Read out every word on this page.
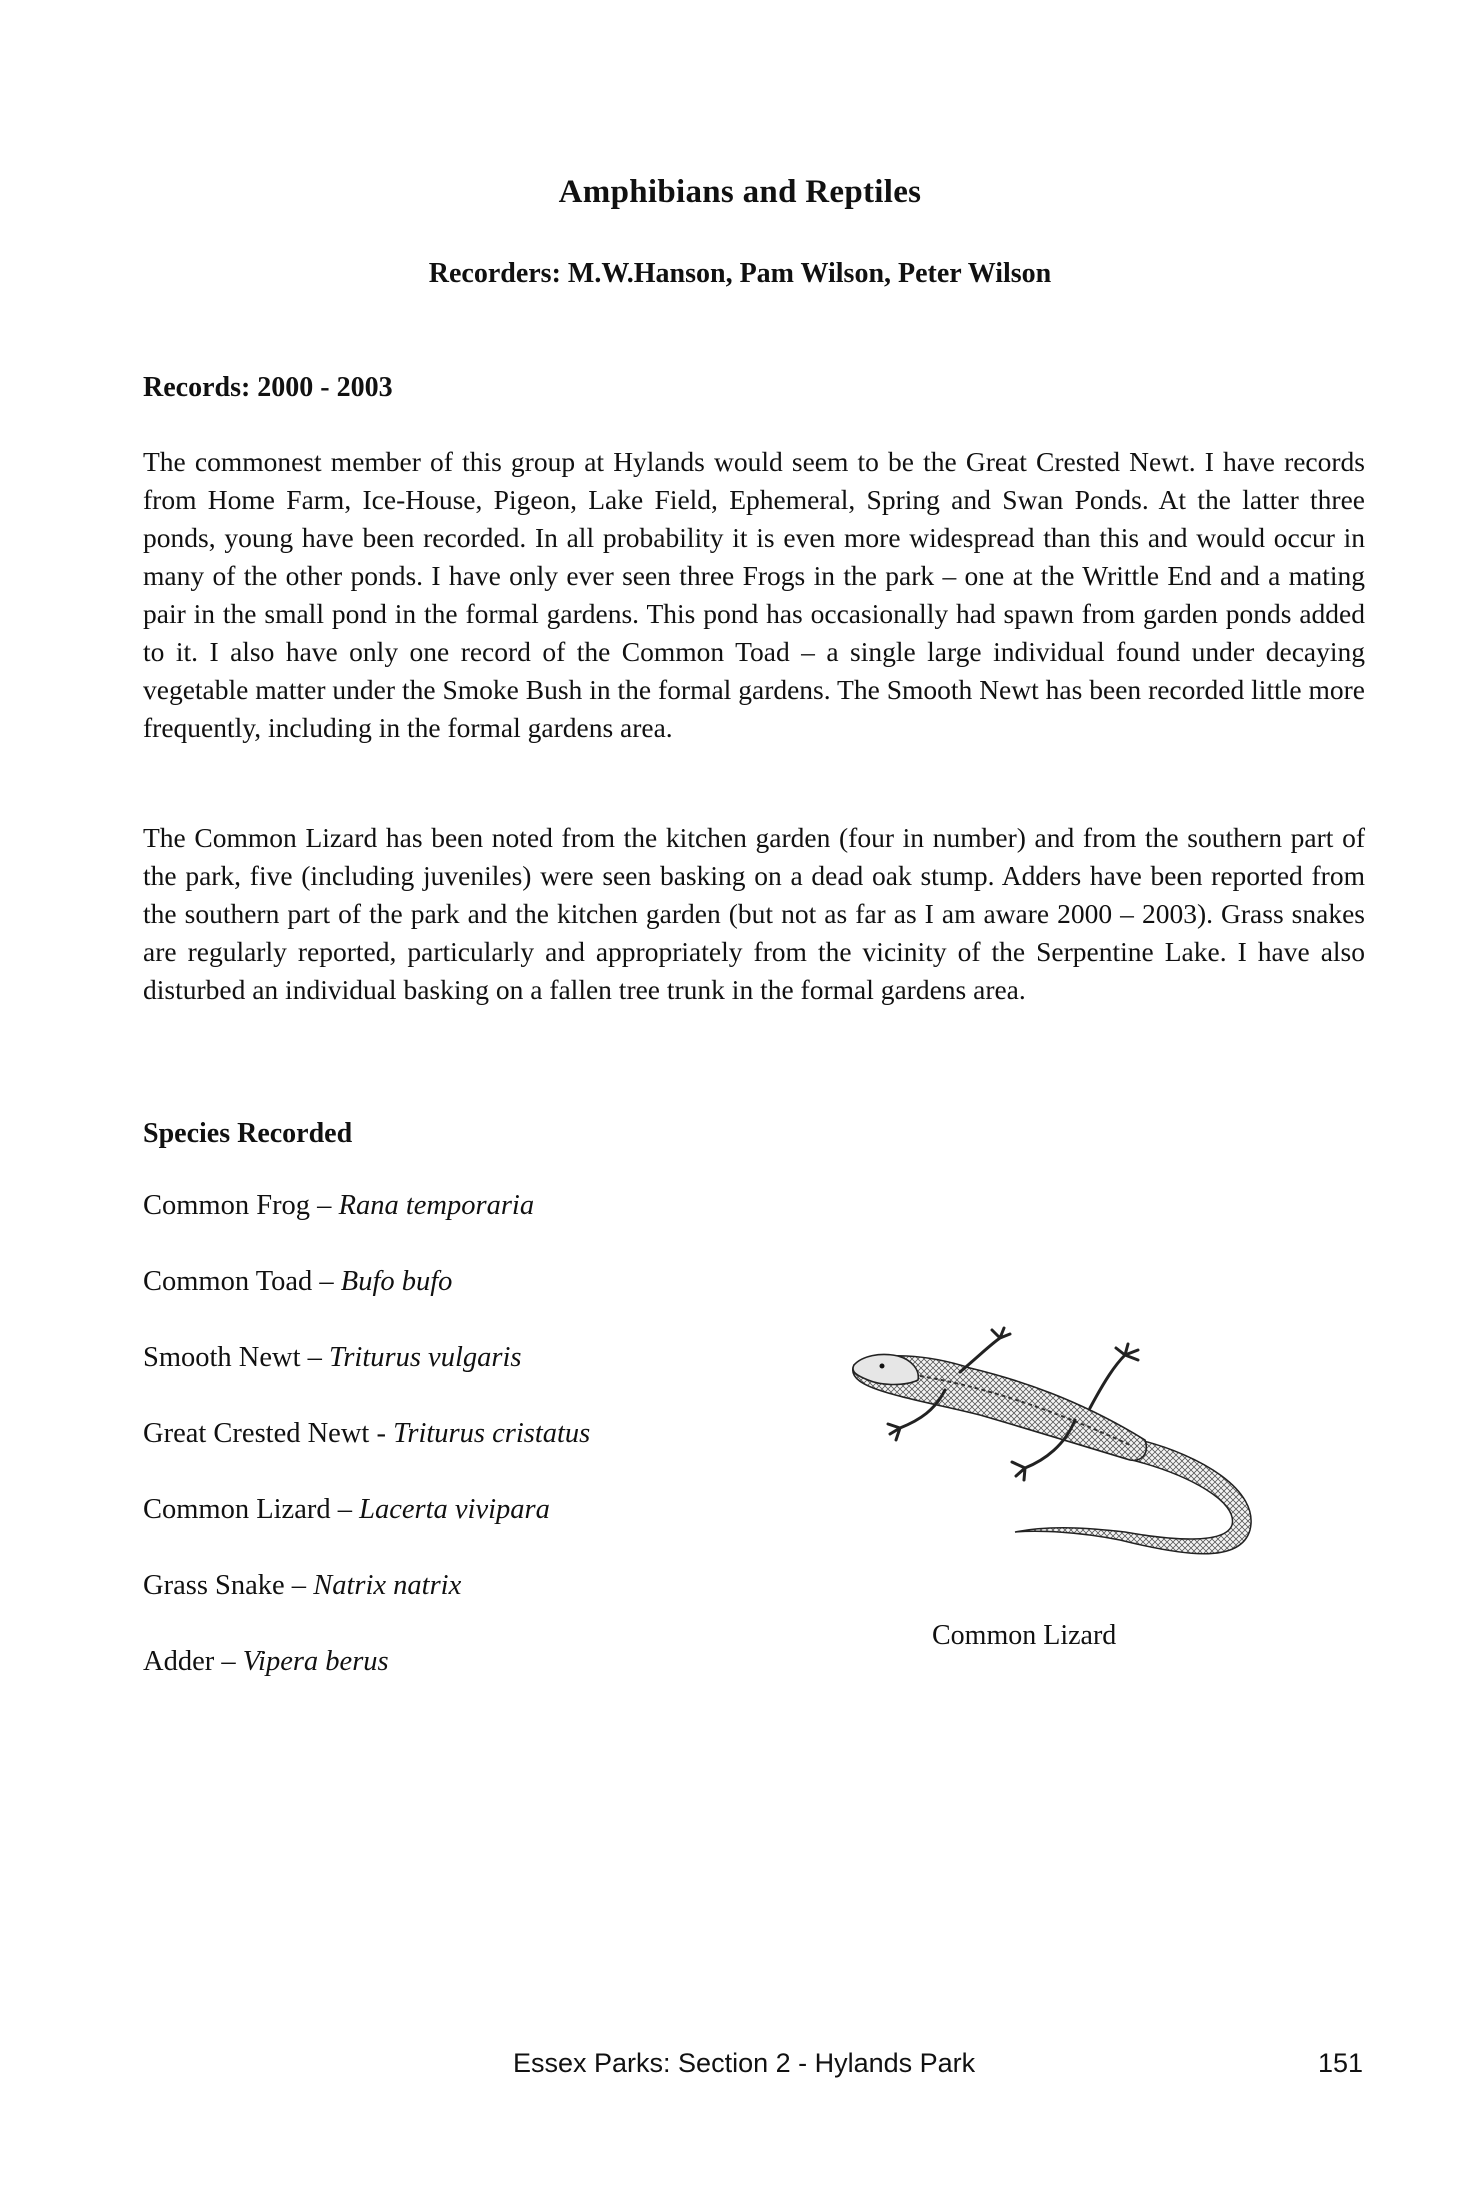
Amphibians and Reptiles
Recorders: M.W.Hanson, Pam Wilson, Peter Wilson
Records: 2000 - 2003

The commonest member of this group at Hylands would seem to be the Great Crested Newt. I have records from Home Farm, Ice-House, Pigeon, Lake Field, Ephemeral, Spring and Swan Ponds. At the latter three ponds, young have been recorded. In all probability it is even more widespread than this and would occur in many of the other ponds. I have only ever seen three Frogs in the park – one at the Writtle End and a mating pair in the small pond in the formal gardens. This pond has occasionally had spawn from garden ponds added to it. I also have only one record of the Common Toad – a single large individual found under decaying vegetable matter under the Smoke Bush in the formal gardens. The Smooth Newt has been recorded little more frequently, including in the formal gardens area.

The Common Lizard has been noted from the kitchen garden (four in number) and from the southern part of the park, five (including juveniles) were seen basking on a dead oak stump. Adders have been reported from the southern part of the park and the kitchen garden (but not as far as I am aware 2000 – 2003). Grass snakes are regularly reported, particularly and appropriately from the vicinity of the Serpentine Lake. I have also disturbed an individual basking on a fallen tree trunk in the formal gardens area.

Species Recorded
Common Frog – Rana temporaria
Common Toad – Bufo bufo
Smooth Newt – Triturus vulgaris
Great Crested Newt - Triturus cristatus
Common Lizard – Lacerta vivipara
Grass Snake – Natrix natrix
Adder – Vipera berus
Common Lizard
Essex Parks: Section 2 - Hylands Park	151
